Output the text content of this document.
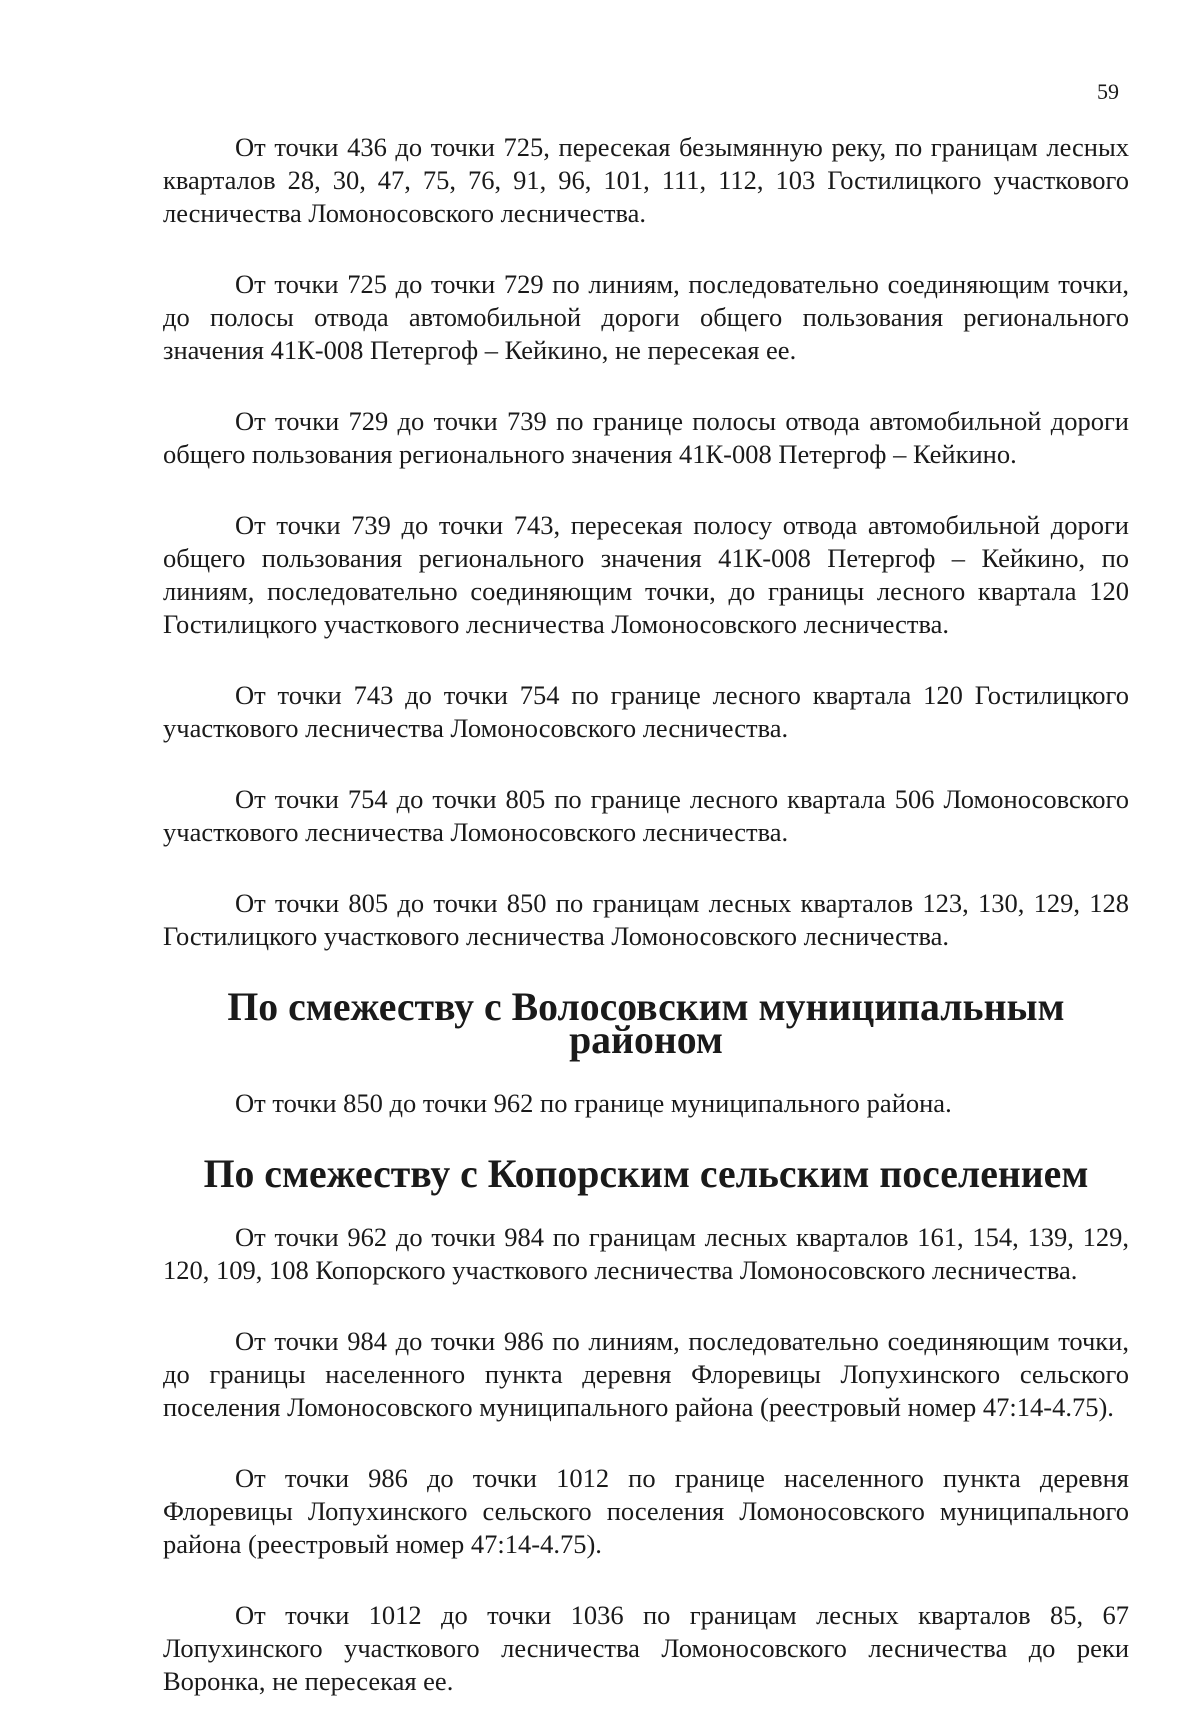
59

От точки 436 до точки 725, пересекая безымянную реку, по границам лесных кварталов 28, 30, 47, 75, 76, 91, 96, 101, 111, 112, 103 Гостилицкого участкового лесничества Ломоносовского лесничества.

От точки 725 до точки 729 по линиям, последовательно соединяющим точки, до полосы отвода автомобильной дороги общего пользования регионального значения 41К-008 Петергоф – Кейкино, не пересекая ее.

От точки 729 до точки 739 по границе полосы отвода автомобильной дороги общего пользования регионального значения 41К-008 Петергоф – Кейкино.

От точки 739 до точки 743, пересекая полосу отвода автомобильной дороги общего пользования регионального значения 41К-008 Петергоф – Кейкино, по линиям, последовательно соединяющим точки, до границы лесного квартала 120 Гостилицкого участкового лесничества Ломоносовского лесничества.

От точки 743 до точки 754 по границе лесного квартала 120 Гостилицкого участкового лесничества Ломоносовского лесничества.

От точки 754 до точки 805 по границе лесного квартала 506 Ломоносовского участкового лесничества Ломоносовского лесничества.

От точки 805 до точки 850 по границам лесных кварталов 123, 130, 129, 128 Гостилицкого участкового лесничества Ломоносовского лесничества.

По смежеству с Волосовским муниципальным районом

От точки 850 до точки 962 по границе муниципального района.

По смежеству с Копорским сельским поселением

От точки 962 до точки 984 по границам лесных кварталов 161, 154, 139, 129, 120, 109, 108 Копорского участкового лесничества Ломоносовского лесничества.

От точки 984 до точки 986 по линиям, последовательно соединяющим точки, до границы населенного пункта деревня Флоревицы Лопухинского сельского поселения Ломоносовского муниципального района (реестровый номер 47:14-4.75).

От точки 986 до точки 1012 по границе населенного пункта деревня Флоревицы Лопухинского сельского поселения Ломоносовского муниципального района (реестровый номер 47:14-4.75).

От точки 1012 до точки 1036 по границам лесных кварталов 85, 67 Лопухинского участкового лесничества Ломоносовского лесничества до реки Воронка, не пересекая ее.
